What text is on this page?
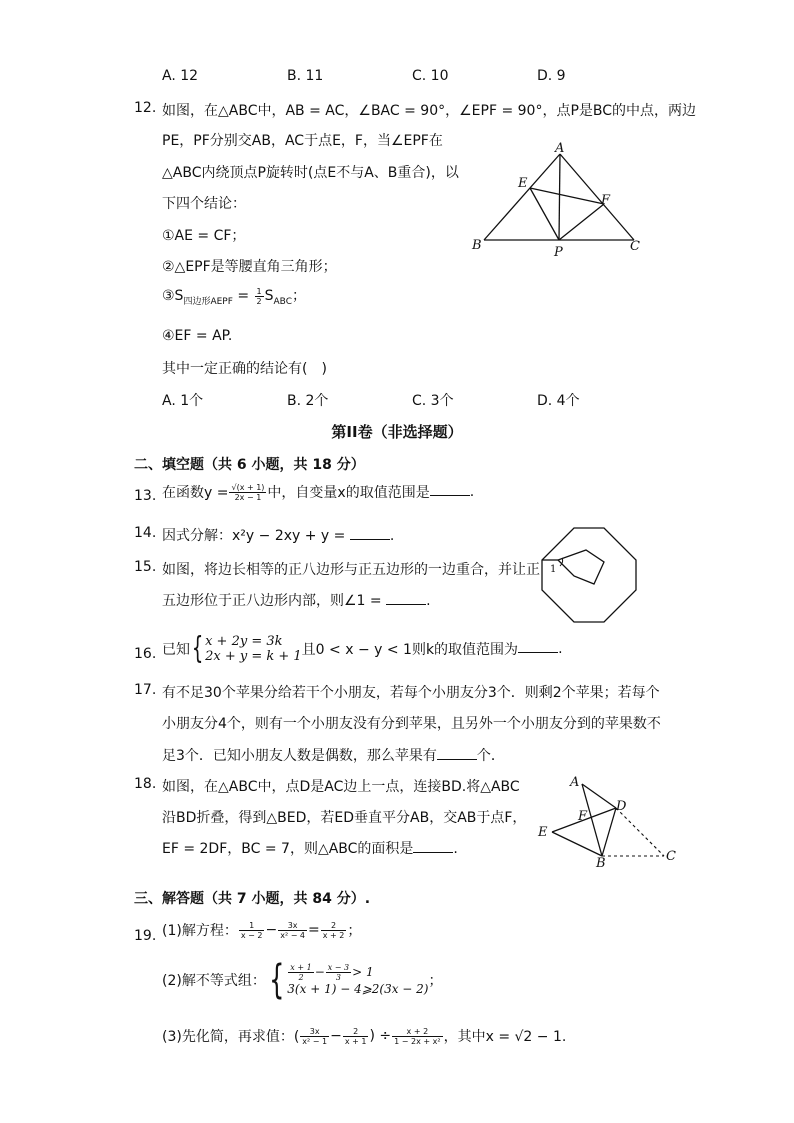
A. 12	B. 11	C. 10	D. 9
12. 如图，在△ABC中，AB = AC，∠BAC = 90°，∠EPF = 90°，点P是BC的中点，两边
PE，PF分别交AB，AC于点E，F，当∠EPF在
△ABC内绕顶点P旋转时(点E不与A、B重合)，以
下四个结论：
①AE = CF；
②△EPF是等腰直角三角形；
$③S_{四边形AEPF} = \frac{1}{2} S_{ABC}$；
④EF = AP.
其中一定正确的结论有(　)
A. 1个	B. 2个	C. 3个	D. 4个
A
E
F
B	P	C
第II卷（非选择题）
二、填空题（共 6 小题，共 18 分）
13. 在函数$y = \frac{√(x + 1)}{2x - 1}$ 中，自变量x的取值范围是	.
14. 因式分解：x²y − 2xy + y =	.
15. 如图，将边长相等的正八边形与正五边形的一边重合，并让正
五边形位于正八边形内部，则∠1 =	.
1
16. 已知{ x + 2y = 3k
2x + y = k + 1 且0 < x − y < 1则k的取值范围为	.
17. 有不足30个苹果分给若干个小朋友，若每个小朋友分3个．则剩2个苹果；若每个
小朋友分4个，则有一个小朋友没有分到苹果，且另外一个小朋友分到的苹果数不
足3个．已知小朋友人数是偶数，那么苹果有	个．
18. 如图，在△ABC中，点D是AC边上一点，连接BD.将△ABC
沿BD折叠，得到△BED，若ED垂直平分AB，交AB于点F，
EF = 2DF，BC = 7，则△ABC的面积是	.
A
D
F
E
B	C
三、解答题（共 7 小题，共 84 分）.
19. (1)解方程： $\frac{1}{x - 2} - \frac{3x}{\text{x² − 4}} = \frac{2}{x + 2}$ ；
(2)解不等式组：{ $\frac{x + 1}{2} - \frac{x - 3}{3} > 1$
3(x + 1) − 4⩾2(3x − 2) ；
(3)先化简，再求值：( $\frac{3x}{\text{x² − 1}} - \frac{2}{x + 1}$ ) ÷ $\frac{x + 2}{\text{1 − 2x + x²}}$ ，其中x = √2 − 1.
